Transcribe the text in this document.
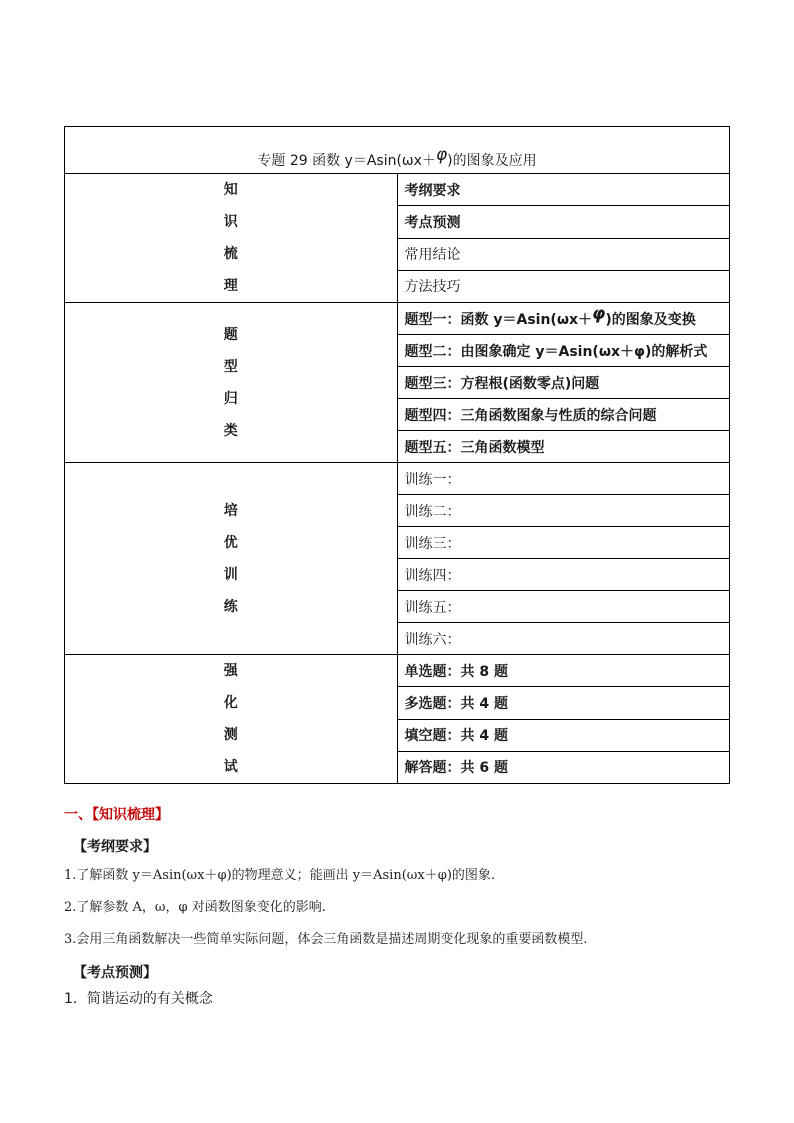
专题 29 函数 y＝Asin(ωx＋φ)的图象及应用	
知
识
梳
理	考纲要求
	考点预测
	常用结论
	方法技巧
题
型
归
类	题型一：函数 y＝Asin(ωx＋φ)的图象及变换
	题型二：由图象确定 y＝Asin(ωx＋φ)的解析式
	题型三：方程根(函数零点)问题
	题型四：三角函数图象与性质的综合问题
	题型五：三角函数模型
培
优
训
练	训练一：
	训练二：
	训练三：
	训练四：
	训练五：
	训练六：
强
化
测
试	单选题：共 8 题
	多选题：共 4 题
	填空题：共 4 题
	解答题：共 6 题
一、【知识梳理】
【考纲要求】
1.了解函数 y＝Asin(ωx＋φ)的物理意义；能画出 y＝Asin(ωx＋φ)的图象.
2.了解参数 A，ω，φ 对函数图象变化的影响.
3.会用三角函数解决一些简单实际问题，体会三角函数是描述周期变化现象的重要函数模型.
【考点预测】
1．简谐运动的有关概念
